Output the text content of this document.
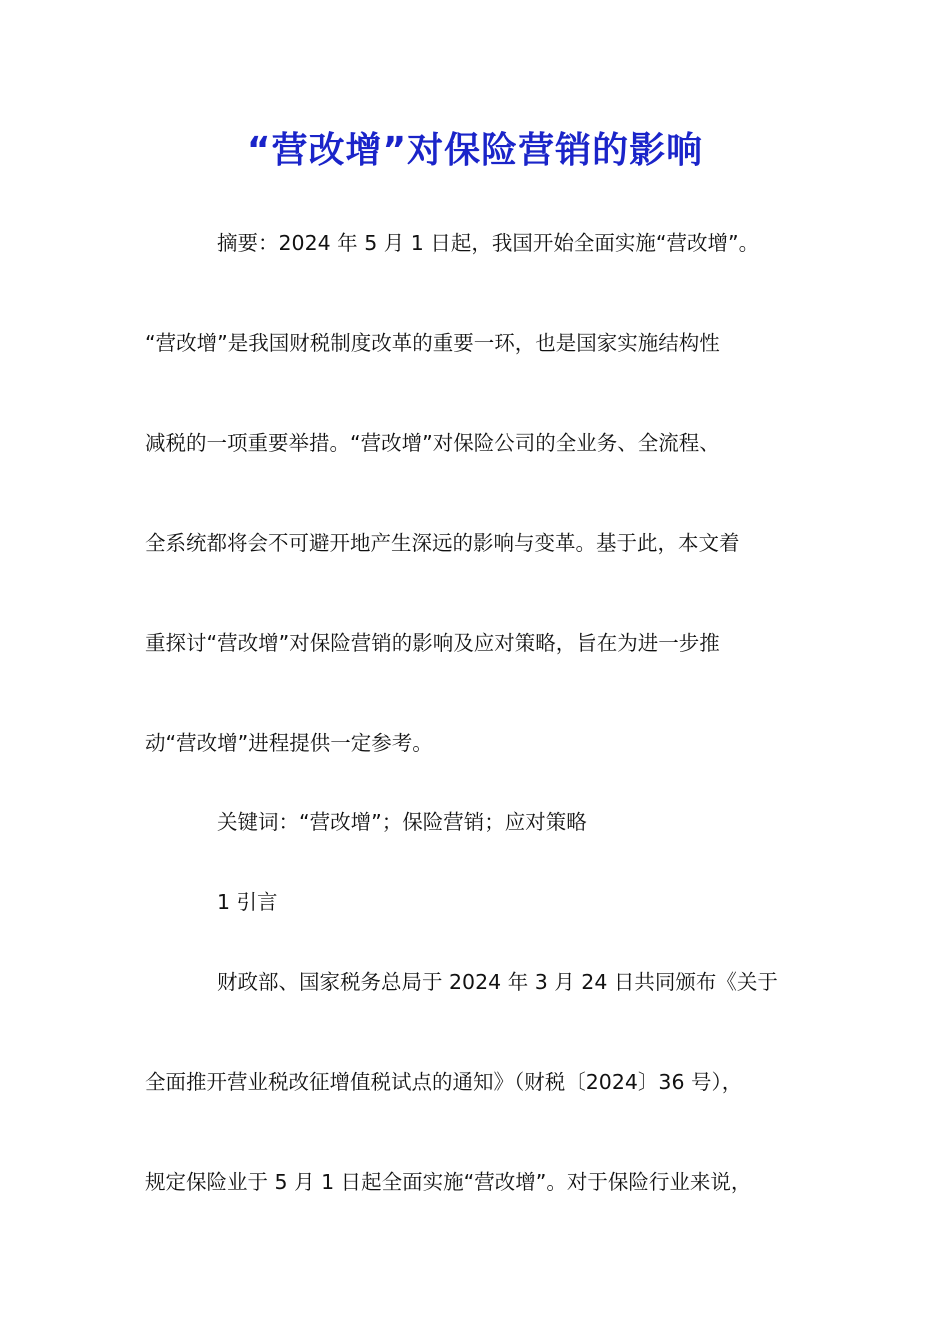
“营改增”对保险营销的影响
摘要：2024 年 5 月 1 日起，我国开始全面实施“营改增”。
“营改增”是我国财税制度改革的重要一环，也是国家实施结构性
减税的一项重要举措。“营改增”对保险公司的全业务、全流程、
全系统都将会不可避开地产生深远的影响与变革。基于此，本文着
重探讨“营改增”对保险营销的影响及应对策略，旨在为进一步推
动“营改增”进程提供一定参考。
关键词：“营改增”；保险营销；应对策略
1 引言
财政部、国家税务总局于 2024 年 3 月 24 日共同颁布《关于
全面推开营业税改征增值税试点的通知》（财税〔2024〕36 号），
规定保险业于 5 月 1 日起全面实施“营改增”。对于保险行业来说，
